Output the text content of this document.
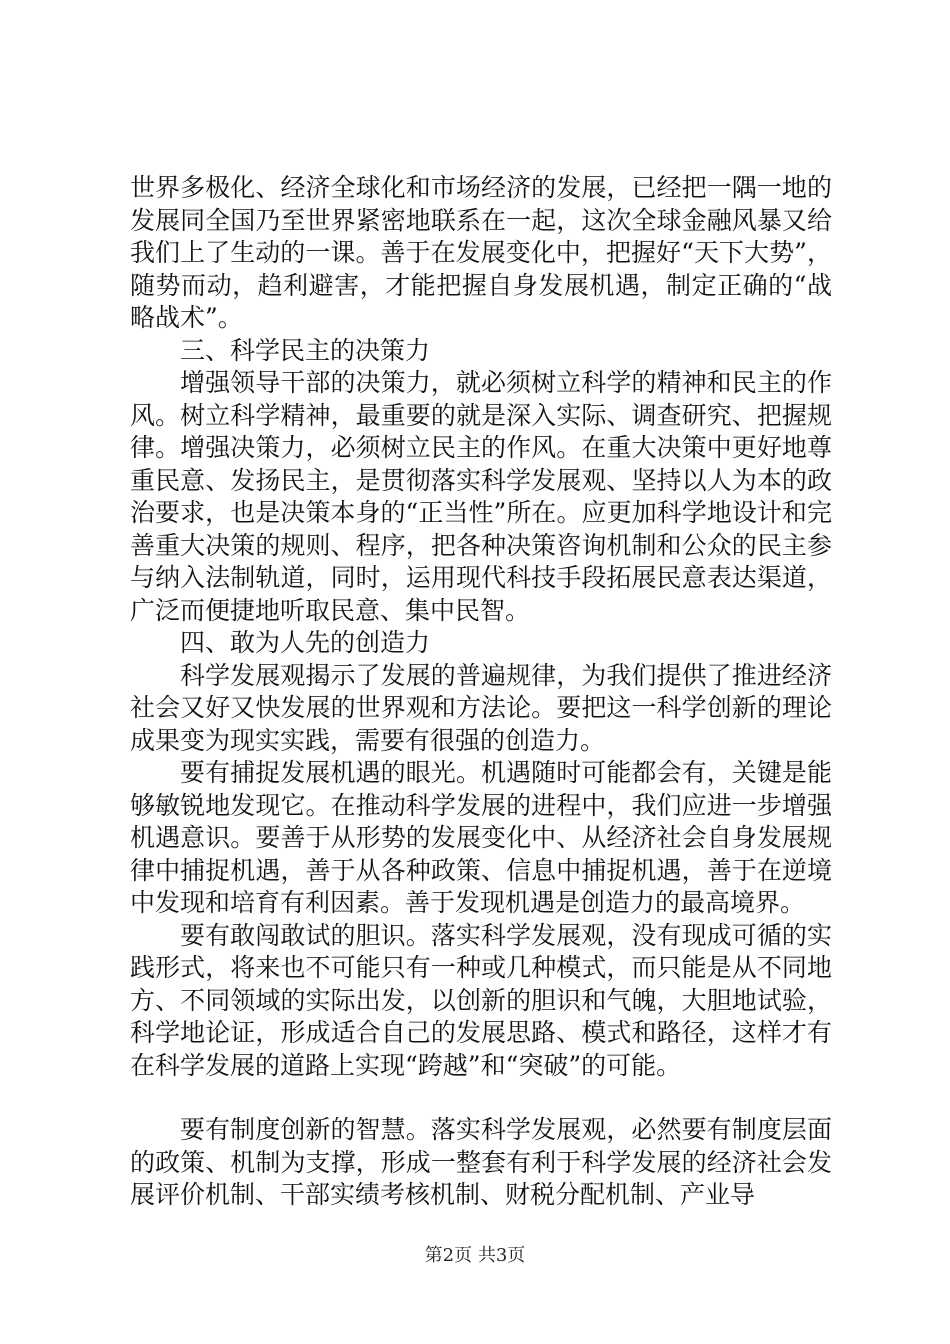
世界多极化、经济全球化和市场经济的发展，已经把一隅一地的发展同全国乃至世界紧密地联系在一起，这次全球金融风暴又给我们上了生动的一课。善于在发展变化中，把握好“天下大势”，随势而动，趋利避害，才能把握自身发展机遇，制定正确的“战略战术”。

三、科学民主的决策力

增强领导干部的决策力，就必须树立科学的精神和民主的作风。树立科学精神，最重要的就是深入实际、调查研究、把握规律。增强决策力，必须树立民主的作风。在重大决策中更好地尊重民意、发扬民主，是贯彻落实科学发展观、坚持以人为本的政治要求，也是决策本身的“正当性”所在。应更加科学地设计和完善重大决策的规则、程序，把各种决策咨询机制和公众的民主参与纳入法制轨道，同时，运用现代科技手段拓展民意表达渠道，广泛而便捷地听取民意、集中民智。

四、敢为人先的创造力

科学发展观揭示了发展的普遍规律，为我们提供了推进经济社会又好又快发展的世界观和方法论。要把这一科学创新的理论成果变为现实实践，需要有很强的创造力。

要有捕捉发展机遇的眼光。机遇随时可能都会有，关键是能够敏锐地发现它。在推动科学发展的进程中，我们应进一步增强机遇意识。要善于从形势的发展变化中、从经济社会自身发展规律中捕捉机遇，善于从各种政策、信息中捕捉机遇，善于在逆境中发现和培育有利因素。善于发现机遇是创造力的最高境界。

要有敢闯敢试的胆识。落实科学发展观，没有现成可循的实践形式，将来也不可能只有一种或几种模式，而只能是从不同地方、不同领域的实际出发，以创新的胆识和气魄，大胆地试验，科学地论证，形成适合自己的发展思路、模式和路径，这样才有在科学发展的道路上实现“跨越”和“突破”的可能。

要有制度创新的智慧。落实科学发展观，必然要有制度层面的政策、机制为支撑，形成一整套有利于科学发展的经济社会发展评价机制、干部实绩考核机制、财税分配机制、产业导

第2页 共3页
